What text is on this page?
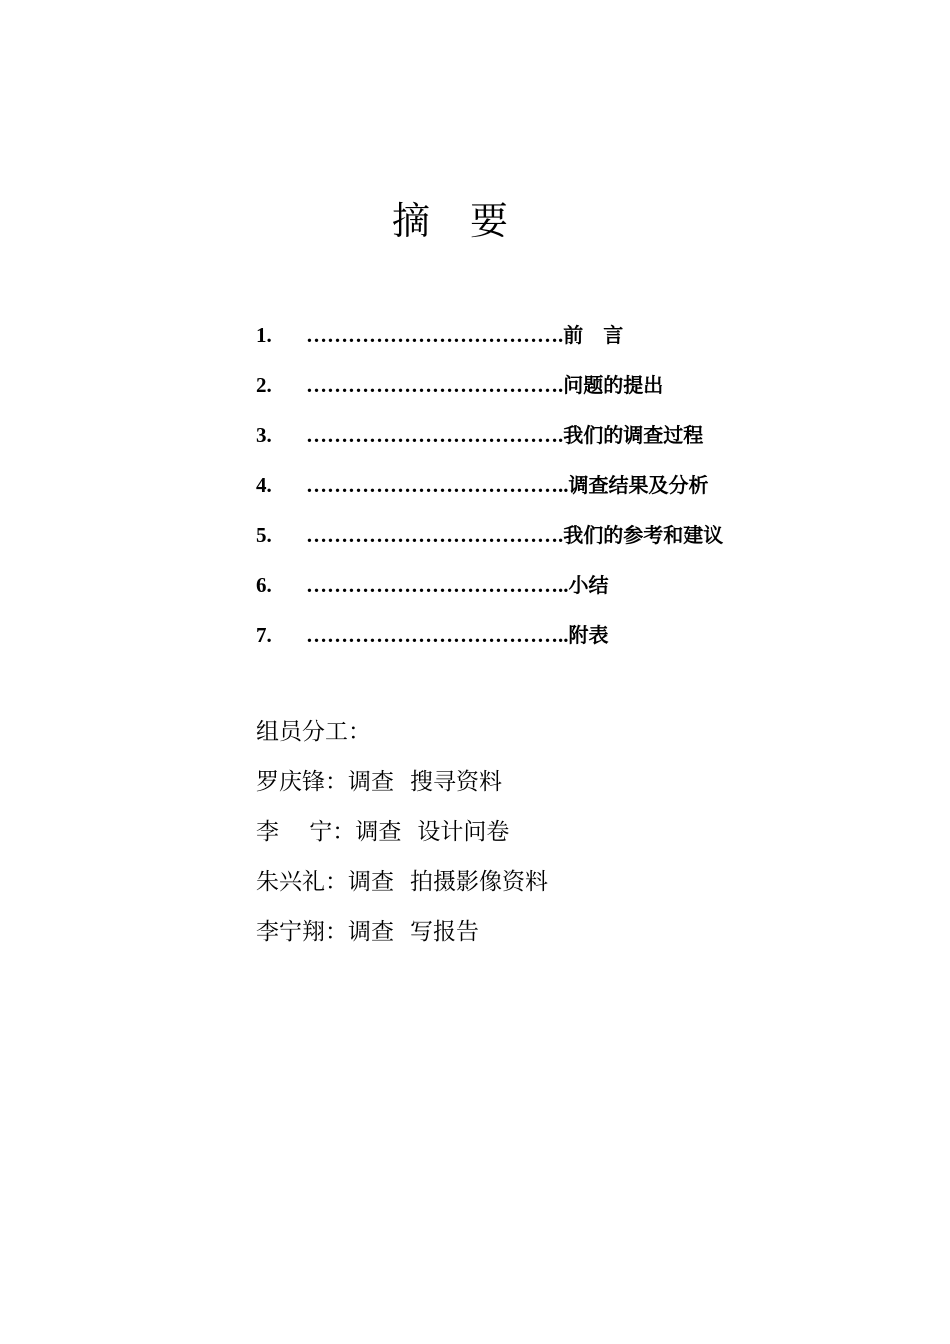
摘 要
1. ……………………………….前　言
2. ……………………………….问题的提出
3. ……………………………….我们的调查过程
4. ………………………………..调查结果及分析
5. ……………………………….我们的参考和建议
6. ………………………………..小结
7. ………………………………..附表
组员分工：
罗庆锋：调查 搜寻资料
李　 宁：调查 设计问卷
朱兴礼：调查 拍摄影像资料
李宁翔：调查 写报告
